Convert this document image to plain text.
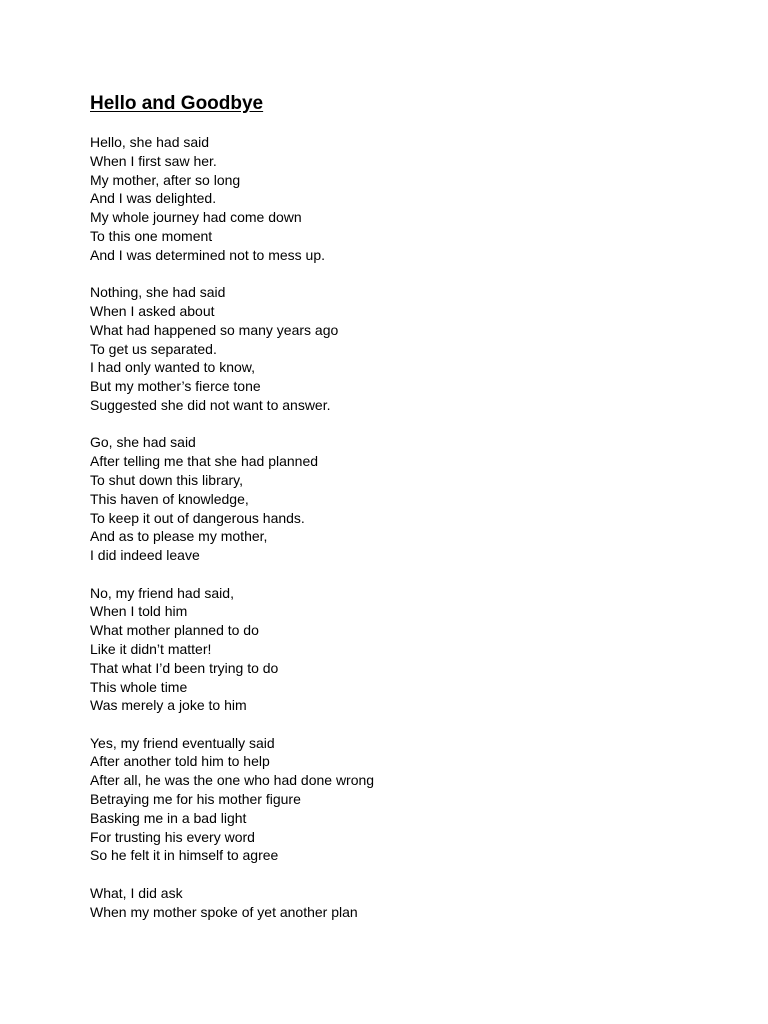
Hello and Goodbye
Hello, she had said
When I first saw her.
My mother, after so long
And I was delighted.
My whole journey had come down
To this one moment
And I was determined not to mess up.
Nothing, she had said
When I asked about
What had happened so many years ago
To get us separated.
I had only wanted to know,
But my mother’s fierce tone
Suggested she did not want to answer.
Go, she had said
After telling me that she had planned
To shut down this library,
This haven of knowledge,
To keep it out of dangerous hands.
And as to please my mother,
I did indeed leave
No, my friend had said,
When I told him
What mother planned to do
Like it didn’t matter!
That what I’d been trying to do
This whole time
Was merely a joke to him
Yes, my friend eventually said
After another told him to help
After all, he was the one who had done wrong
Betraying me for his mother figure
Basking me in a bad light
For trusting his every word
So he felt it in himself to agree
What, I did ask
When my mother spoke of yet another plan
